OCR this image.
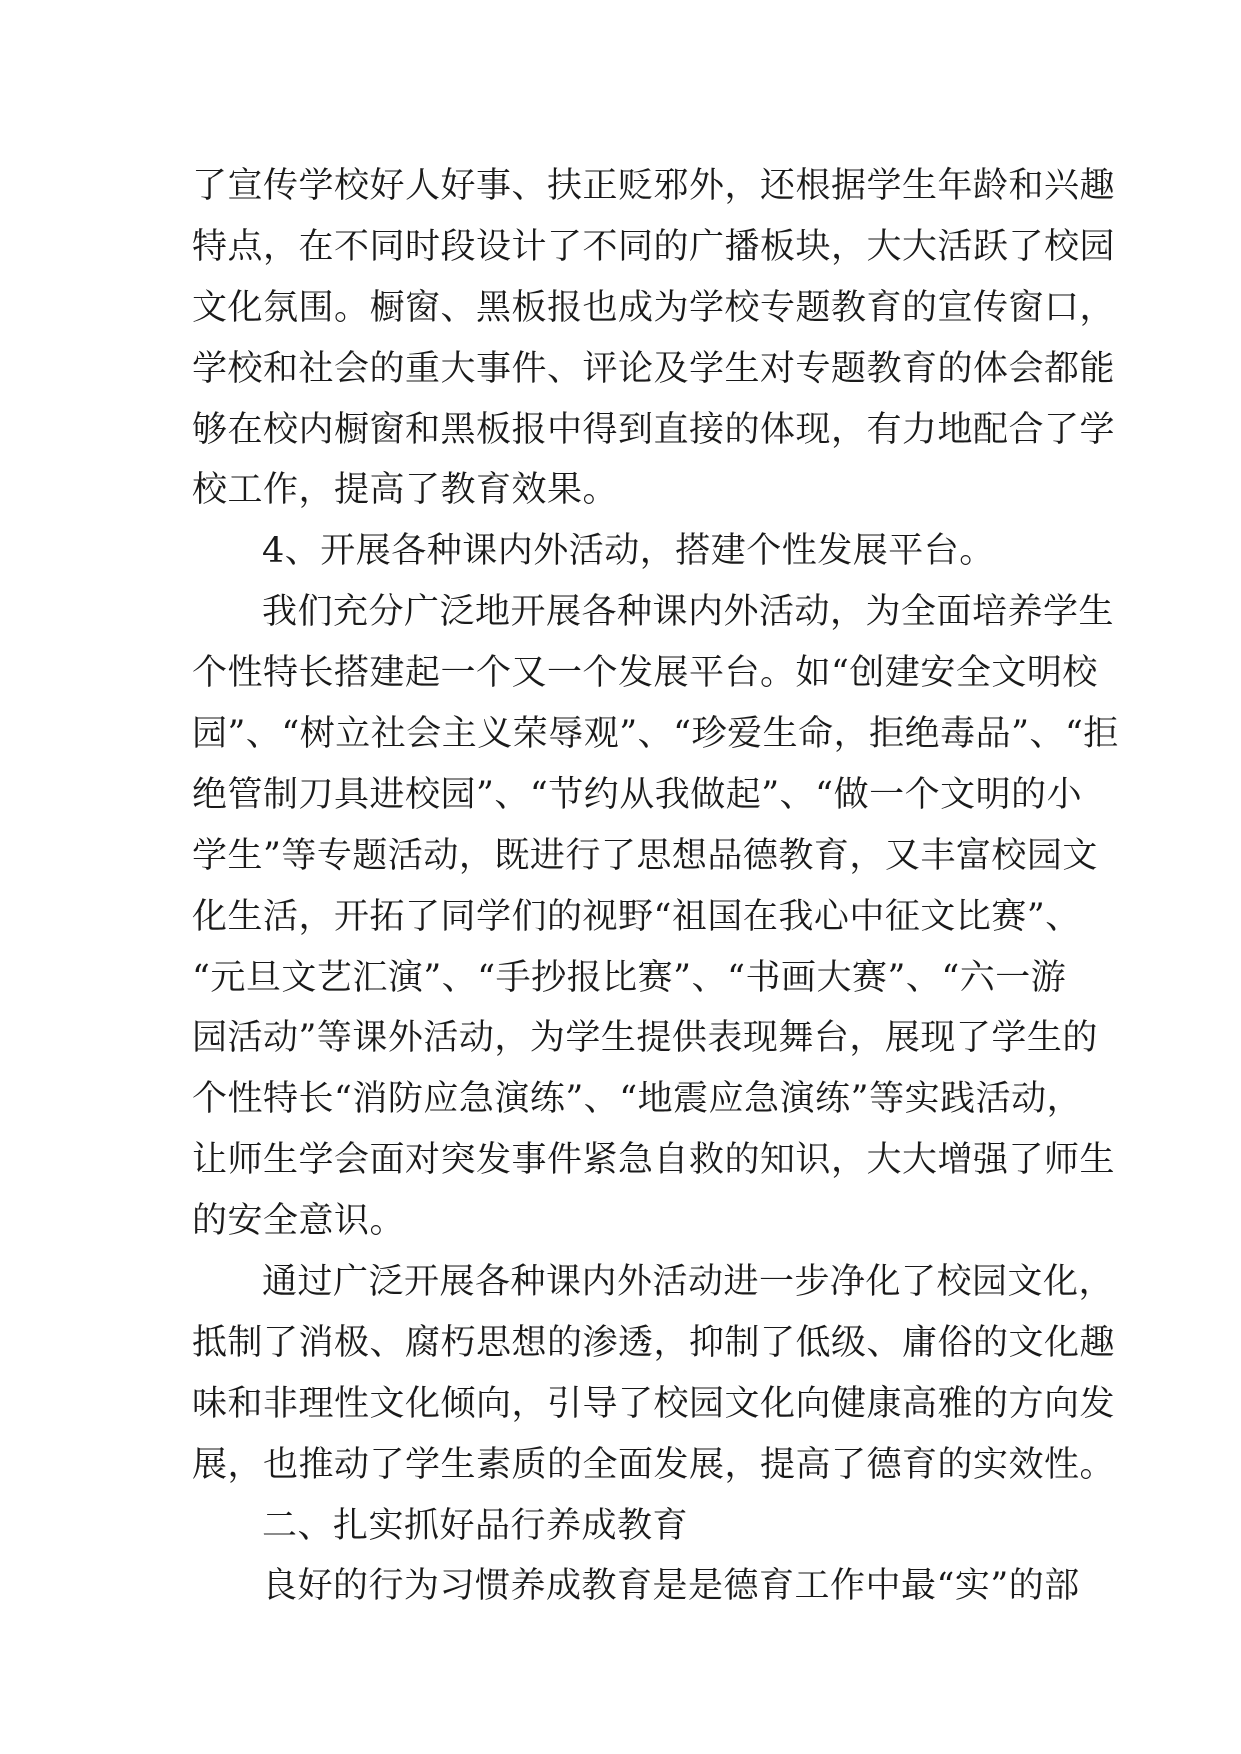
了宣传学校好人好事、扶正贬邪外，还根据学生年龄和兴趣
特点，在不同时段设计了不同的广播板块，大大活跃了校园
文化氛围。橱窗、黑板报也成为学校专题教育的宣传窗口，
学校和社会的重大事件、评论及学生对专题教育的体会都能
够在校内橱窗和黑板报中得到直接的体现，有力地配合了学
校工作，提高了教育效果。
4、开展各种课内外活动，搭建个性发展平台。
我们充分广泛地开展各种课内外活动，为全面培养学生
个性特长搭建起一个又一个发展平台。如“创建安全文明校
园”、“树立社会主义荣辱观”、“珍爱生命，拒绝毒品”、“拒
绝管制刀具进校园”、“节约从我做起”、“做一个文明的小
学生”等专题活动，既进行了思想品德教育，又丰富校园文
化生活，开拓了同学们的视野“祖国在我心中征文比赛”、
“元旦文艺汇演”、“手抄报比赛”、“书画大赛”、“六一游
园活动”等课外活动，为学生提供表现舞台，展现了学生的
个性特长“消防应急演练”、“地震应急演练”等实践活动，
让师生学会面对突发事件紧急自救的知识，大大增强了师生
的安全意识。
通过广泛开展各种课内外活动进一步净化了校园文化，
抵制了消极、腐朽思想的渗透，抑制了低级、庸俗的文化趣
味和非理性文化倾向，引导了校园文化向健康高雅的方向发
展，也推动了学生素质的全面发展，提高了德育的实效性。
二、扎实抓好品行养成教育
良好的行为习惯养成教育是是德育工作中最“实”的部
